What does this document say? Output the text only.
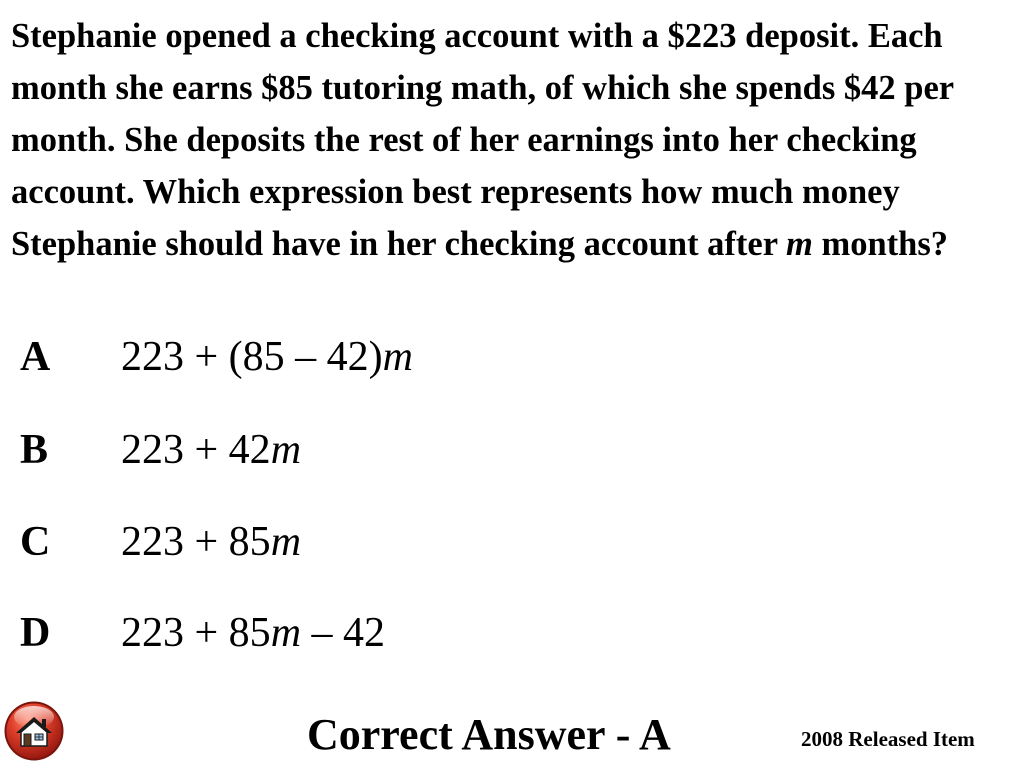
Stephanie opened a checking account with a $223 deposit. Each month she earns $85 tutoring math, of which she spends $42 per month. She deposits the rest of her earnings into her checking account. Which expression best represents how much money Stephanie should have in her checking account after m months?

A 223 + (85 – 42)m
B 223 + 42m
C 223 + 85m
D 223 + 85m – 42
Correct Answer - A	2008 Released Item
